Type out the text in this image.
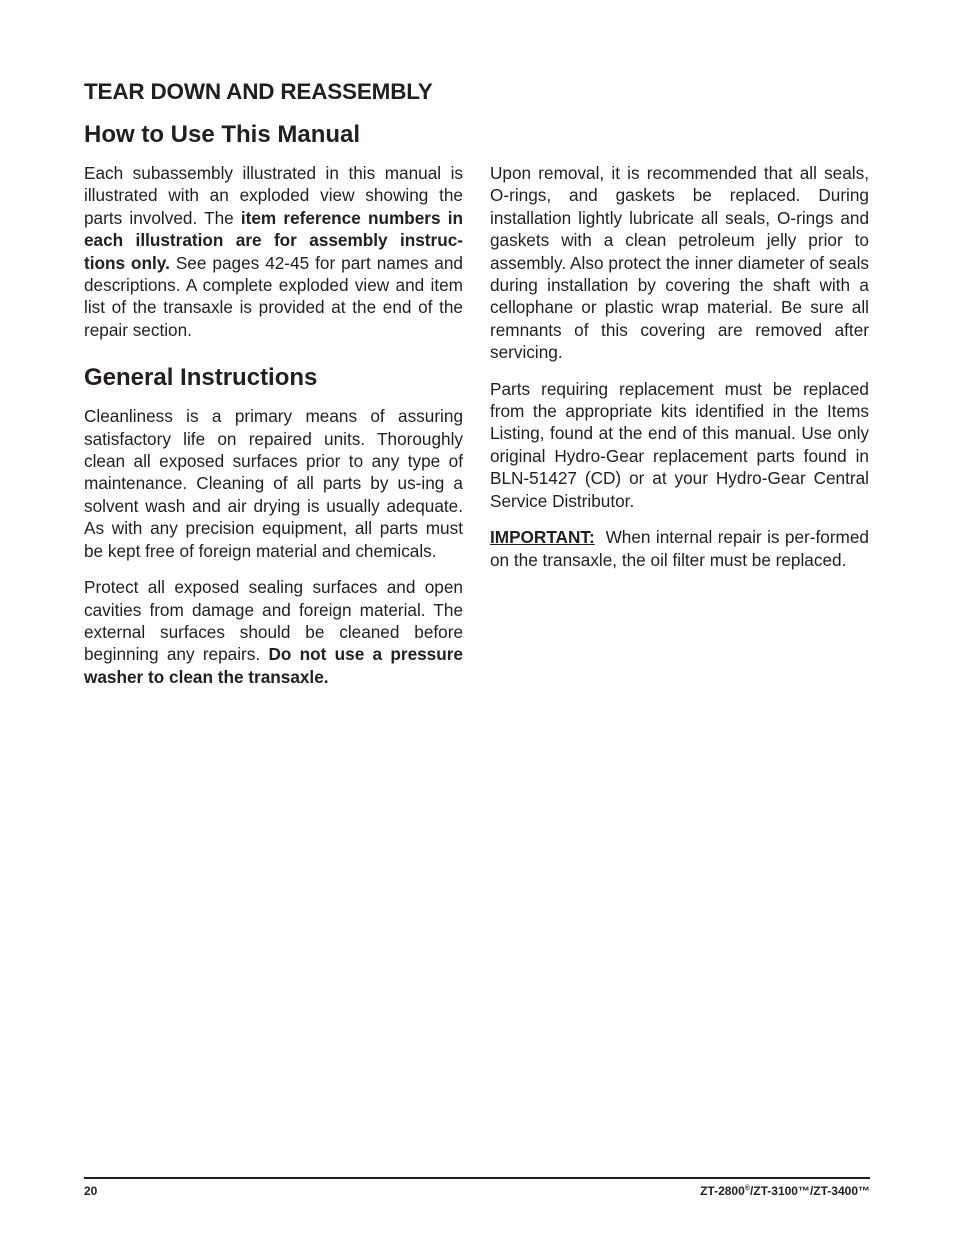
TEAR DOWN AND REASSEMBLY
How to Use This Manual

Each subassembly illustrated in this manual is illustrated with an exploded view showing the parts involved. The item reference numbers in each illustration are for assembly instruc-tions only. See pages 42-45 for part names and descriptions. A complete exploded view and item list of the transaxle is provided at the end of the repair section.

General Instructions

Cleanliness is a primary means of assuring satisfactory life on repaired units. Thoroughly clean all exposed surfaces prior to any type of maintenance. Cleaning of all parts by us-ing a solvent wash and air drying is usually adequate. As with any precision equipment, all parts must be kept free of foreign material and chemicals.

Protect all exposed sealing surfaces and open cavities from damage and foreign material. The external surfaces should be cleaned before beginning any repairs. Do not use a pressure washer to clean the transaxle.

Upon removal, it is recommended that all seals, O-rings, and gaskets be replaced. During installation lightly lubricate all seals, O-rings and gaskets with a clean petroleum jelly prior to assembly. Also protect the inner diameter of seals during installation by covering the shaft with a cellophane or plastic wrap material. Be sure all remnants of this covering are removed after servicing.

Parts requiring replacement must be replaced from the appropriate kits identified in the Items Listing, found at the end of this manual. Use only original Hydro-Gear replacement parts found in BLN-51427 (CD) or at your Hydro-Gear Central Service Distributor.

IMPORTANT:  When internal repair is per-formed on the transaxle, the oil filter must be replaced.

20	ZT-2800®/ZT-3100™/ZT-3400™
